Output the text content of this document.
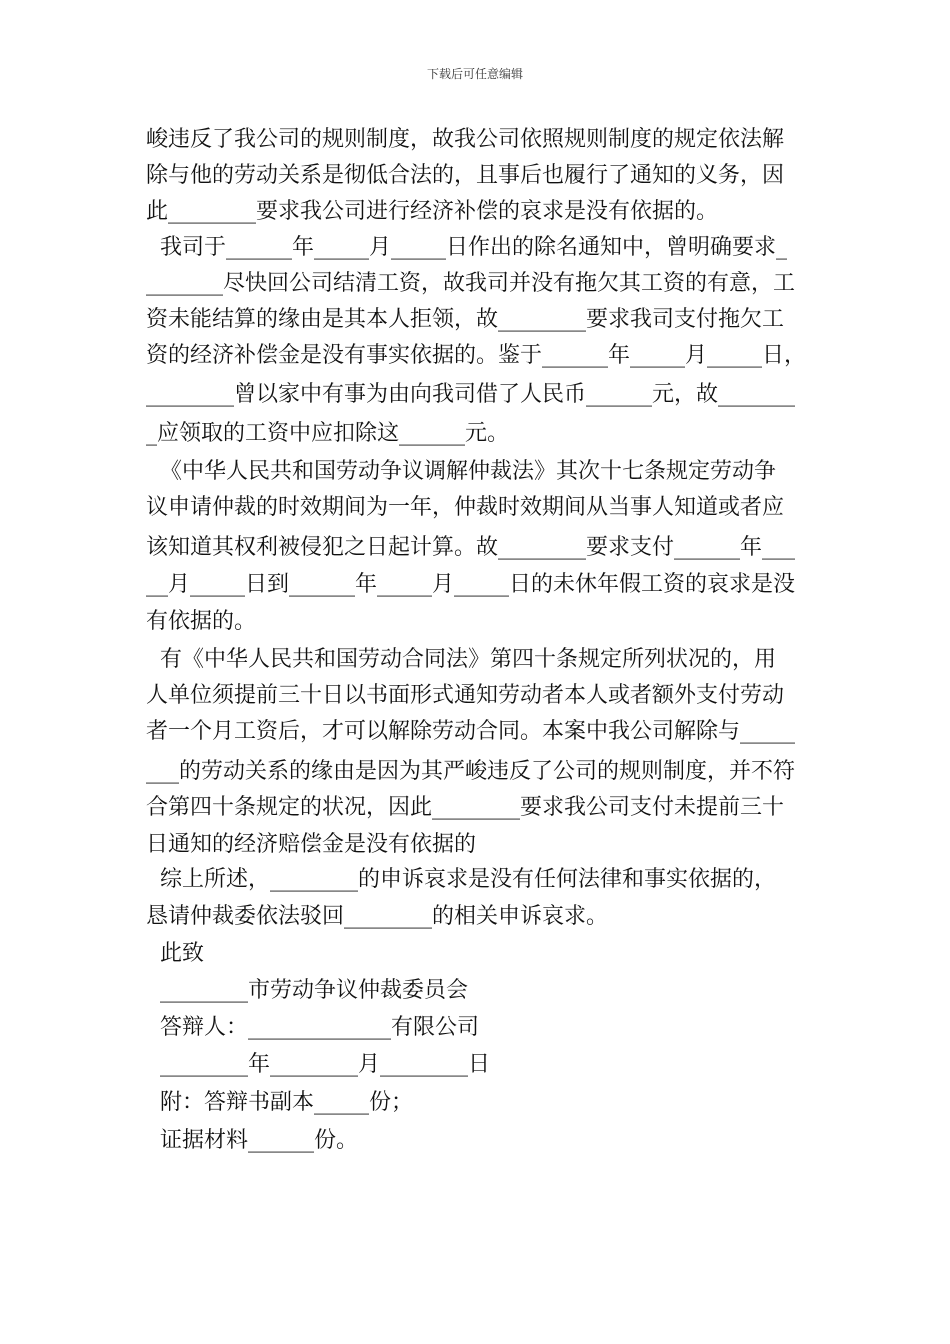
下载后可任意编辑
峻违反了我公司的规则制度，故我公司依照规则制度的规定依法解
除与他的劳动关系是彻低合法的，且事后也履行了通知的义务，因
此________要求我公司进行经济补偿的哀求是没有依据的。
我司于______年_____月_____日作出的除名通知中，曾明确要求_
_______尽快回公司结清工资，故我司并没有拖欠其工资的有意，工
资未能结算的缘由是其本人拒领，故________要求我司支付拖欠工
资的经济补偿金是没有事实依据的。鉴于______年_____月_____日，
________曾以家中有事为由向我司借了人民币______元，故_______
_应领取的工资中应扣除这______元。
《中华人民共和国劳动争议调解仲裁法》其次十七条规定劳动争
议申请仲裁的时效期间为一年，仲裁时效期间从当事人知道或者应
该知道其权利被侵犯之日起计算。故________要求支付______年___
__月_____日到______年_____月_____日的未休年假工资的哀求是没
有依据的。
有《中华人民共和国劳动合同法》第四十条规定所列状况的，用
人单位须提前三十日以书面形式通知劳动者本人或者额外支付劳动
者一个月工资后，才可以解除劳动合同。本案中我公司解除与_____
___的劳动关系的缘由是因为其严峻违反了公司的规则制度，并不符
合第四十条规定的状况，因此________要求我公司支付未提前三十
日通知的经济赔偿金是没有依据的
综上所述，________的申诉哀求是没有任何法律和事实依据的，
恳请仲裁委依法驳回________的相关申诉哀求。
此致
________市劳动争议仲裁委员会
答辩人：_____________有限公司
________年________月________日
附：答辩书副本_____份；
证据材料______份。
